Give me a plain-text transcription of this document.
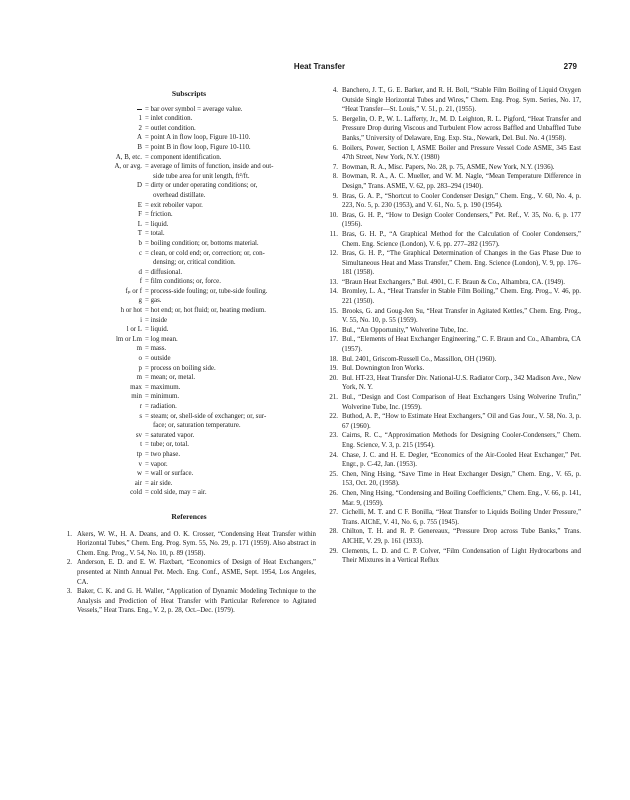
Heat Transfer	279
Subscripts
= bar over symbol = average value.
1 = inlet condition.
2 = outlet condition.
A = point A in flow loop, Figure 10-110.
B = point B in flow loop, Figure 10-110.
A, B, etc. = component identification.
A, or avg. = average of limits of function, inside and out-
side tube area for unit length, ft²/ft.
D = dirty or under operating conditions; or,
overhead distillate.
E = exit reboiler vapor.
F = friction.
L = liquid.
T = total.
b = boiling condition; or, bottoms material.
c = clean, or cold end; or, correction; or, con-
densing; or, critical condition.
d = diffusional.
f = film conditions; or, force.
fₚ or f = process-side fouling; or, tube-side fouling.
g = gas.
h or hot = hot end; or, hot fluid; or, heating medium.
i = inside
l or L = liquid.
lm or Lm = log mean.
m = mass.
o = outside
p = process on boiling side.
m = mean; or, metal.
max = maximum.
min = minimum.
r = radiation.
s = steam; or, shell-side of exchanger; or, sur-
face; or, saturation temperature.
sv = saturated vapor.
t = tube; or, total.
tp = two phase.
v = vapor.
w = wall or surface.
air = air side.
cold = cold side, may = air.
References
1. Akers, W. W., H. A. Deans, and O. K. Crosser, “Condensing Heat Transfer within Horizontal Tubes,” Chem. Eng. Prog. Sym. 55, No. 29, p. 171 (1959). Also abstract in Chem. Eng. Prog., V. 54, No. 10, p. 89 (1958).
2. Anderson, E. D. and E. W. Flaxbart, “Economics of Design of Heat Exchangers,” presented at Ninth Annual Pet. Mech. Eng. Conf., ASME, Sept. 1954, Los Angeles, CA.
3. Baker, C. K. and G. H. Waller, “Application of Dynamic Modeling Technique to the Analysis and Prediction of Heat Transfer with Particular Reference to Agitated Vessels,” Heat Trans. Eng., V. 2, p. 28, Oct.–Dec. (1979).
4. Banchero, J. T., G. E. Barker, and R. H. Boll, “Stable Film Boiling of Liquid Oxygen Outside Single Horizontal Tubes and Wires,” Chem. Eng. Prog. Sym. Series, No. 17, “Heat Transfer—St. Louis,” V. 51, p. 21, (1955).
5. Bergelin, O. P., W. L. Lafferty, Jr., M. D. Leighton, R. L. Pigford, “Heat Transfer and Pressure Drop during Viscous and Turbulent Flow across Baffled and Unbaffled Tube Banks,” University of Delaware, Eng. Exp. Sta., Newark, Del. Bul. No. 4 (1958).
6. Boilers, Power, Section I, ASME Boiler and Pressure Vessel Code ASME, 345 East 47th Street, New York, N.Y. (1980)
7. Bowman, R. A., Misc. Papers, No. 28, p. 75, ASME, New York, N.Y. (1936).
8. Bowman, R. A., A. C. Mueller, and W. M. Nagle, “Mean Temperature Difference in Design,” Trans. ASME, V. 62, pp. 283–294 (1940).
9. Bras, G. A. P., “Shortcut to Cooler Condenser Design,” Chem. Eng., V. 60, No. 4, p. 223, No. 5, p. 230 (1953), and V. 61, No. 5, p. 190 (1954).
10. Bras, G. H. P., “How to Design Cooler Condensers,” Pet. Ref., V. 35, No. 6, p. 177 (1956).
11. Bras, G. H. P., “A Graphical Method for the Calculation of Cooler Condensers,” Chem. Eng. Science (London), V. 6, pp. 277–282 (1957).
12. Bras, G. H. P., “The Graphical Determination of Changes in the Gas Phase Due to Simultaneous Heat and Mass Transfer,” Chem. Eng. Science (London), V. 9, pp. 176–181 (1958).
13. “Braun Heat Exchangers,” Bul. 4901, C. F. Braun & Co., Alhambra, CA. (1949).
14. Bromley, L. A., “Heat Transfer in Stable Film Boiling,” Chem. Eng. Prog., V. 46, pp. 221 (1950).
15. Brooks, G. and Goug-Jen Su, “Heat Transfer in Agitated Kettles,” Chem. Eng. Prog., V. 55, No. 10, p. 55 (1959).
16. Bul., “An Opportunity,” Wolverine Tube, Inc.
17. Bul., “Elements of Heat Exchanger Engineering,” C. F. Braun and Co., Alhambra, CA (1957).
18. Bul. 2401, Griscom-Russell Co., Massillon, OH (1960).
19. Bul. Downington Iron Works.
20. Bul. HT-23, Heat Transfer Div. National-U.S. Radiator Corp., 342 Madison Ave., New York, N. Y.
21. Bul., “Design and Cost Comparison of Heat Exchangers Using Wolverine Trufin,” Wolverine Tube, Inc. (1959).
22. Buthod, A. P., “How to Estimate Heat Exchangers,” Oil and Gas Jour., V. 58, No. 3, p. 67 (1960).
23. Cairns, R. C., “Approximation Methods for Designing Cooler-Condensers,” Chem. Eng. Science, V. 3, p. 215 (1954).
24. Chase, J. C. and H. E. Degler, “Economics of the Air-Cooled Heat Exchanger,” Pet. Engr., p. C-42, Jan. (1953).
25. Chen, Ning Hsing, “Save Time in Heat Exchanger Design,” Chem. Eng., V. 65, p. 153, Oct. 20, (1958).
26. Chen, Ning Hsing, “Condensing and Boiling Coefficients,” Chem. Eng., V. 66, p. 141, Mar. 9, (1959).
27. Cichelli, M. T. and C F. Bonilla, “Heat Transfer to Liquids Boiling Under Pressure,” Trans. AIChE, V. 41, No. 6, p. 755 (1945).
28. Chilton, T. H. and R. P. Genereaux, “Pressure Drop across Tube Banks,” Trans. AICHE, V. 29, p. 161 (1933).
29. Clements, L. D. and C. P. Colver, “Film Condensation of Light Hydrocarbons and Their Mixtures in a Vertical Reflux
